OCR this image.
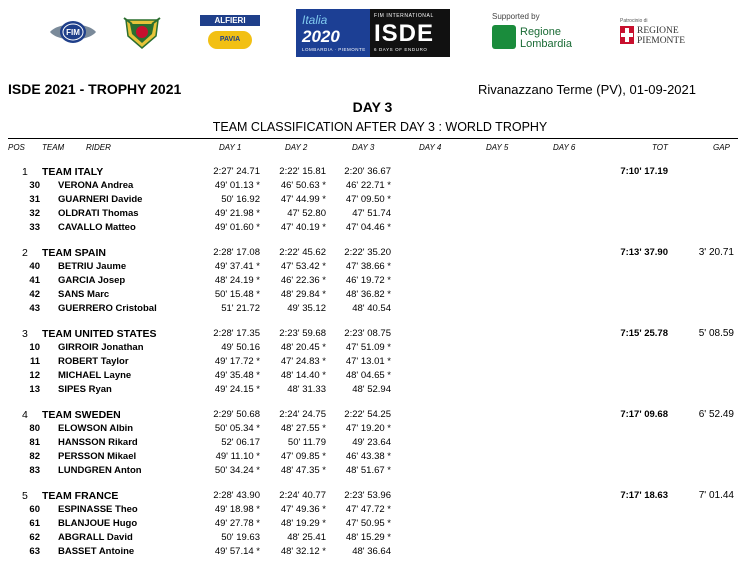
FIM
ALFIERI
PAVIA
Italia
2020
LOMBARDIA · PIEMONTE
FIM INTERNATIONAL
ISDE
6 DAYS OF ENDURO
Supported by
Regione
Lombardia
Patrocinio di
REGIONE
PIEMONTE
ISDE 2021 - TROPHY 2021	Rivanazzano Terme (PV), 01-09-2021
DAY 3
TEAM CLASSIFICATION AFTER DAY 3 : WORLD TROPHY
POS TEAM	RIDER	DAY 1	DAY 2	DAY 3	DAY 4	DAY 5	DAY 6	TOT	GAP
1	TEAM ITALY	2:27' 24.71 2:22' 15.81 2:20' 36.67	7:10' 17.19
30 VERONA Andrea	49' 01.13 *	46' 50.63 *	46' 22.71 *
31 GUARNERI Davide	50' 16.92	47' 44.99 *	47' 09.50 *
32 OLDRATI Thomas	49' 21.98 *	47' 52.80	47' 51.74
33 CAVALLO Matteo	49' 01.60 *	47' 40.19 *	47' 04.46 *
2	TEAM SPAIN	2:28' 17.08 2:22' 45.62 2:22' 35.20	7:13' 37.90	3' 20.71
40 BETRIU Jaume	49' 37.41 *	47' 53.42 *	47' 38.66 *
41 GARCIA Josep	48' 24.19 *	46' 22.36 *	46' 19.72 *
42 SANS Marc	50' 15.48 *	48' 29.84 *	48' 36.82 *
43 GUERRERO Cristobal	51' 21.72	49' 35.12	48' 40.54
3	TEAM UNITED STATES	2:28' 17.35 2:23' 59.68 2:23' 08.75	7:15' 25.78	5' 08.59
10 GIRROIR Jonathan	49' 50.16	48' 20.45 *	47' 51.09 *
11 ROBERT Taylor	49' 17.72 *	47' 24.83 *	47' 13.01 *
12 MICHAEL Layne	49' 35.48 *	48' 14.40 *	48' 04.65 *
13 SIPES Ryan	49' 24.15 *	48' 31.33	48' 52.94
4	TEAM SWEDEN	2:29' 50.68 2:24' 24.75 2:22' 54.25	7:17' 09.68	6' 52.49
80 ELOWSON Albin	50' 05.34 *	48' 27.55 *	47' 19.20 *
81 HANSSON Rikard	52' 06.17	50' 11.79	49' 23.64
82 PERSSON Mikael	49' 11.10 *	47' 09.85 *	46' 43.38 *
83 LUNDGREN Anton	50' 34.24 *	48' 47.35 *	48' 51.67 *
5	TEAM FRANCE	2:28' 43.90 2:24' 40.77 2:23' 53.96	7:17' 18.63	7' 01.44
60 ESPINASSE Theo	49' 18.98 *	47' 49.36 *	47' 47.72 *
61 BLANJOUE Hugo	49' 27.78 *	48' 19.29 *	47' 50.95 *
62 ABGRALL David	50' 19.63	48' 25.41	48' 15.29 *
63 BASSET Antoine	49' 57.14 *	48' 32.12 *	48' 36.64
